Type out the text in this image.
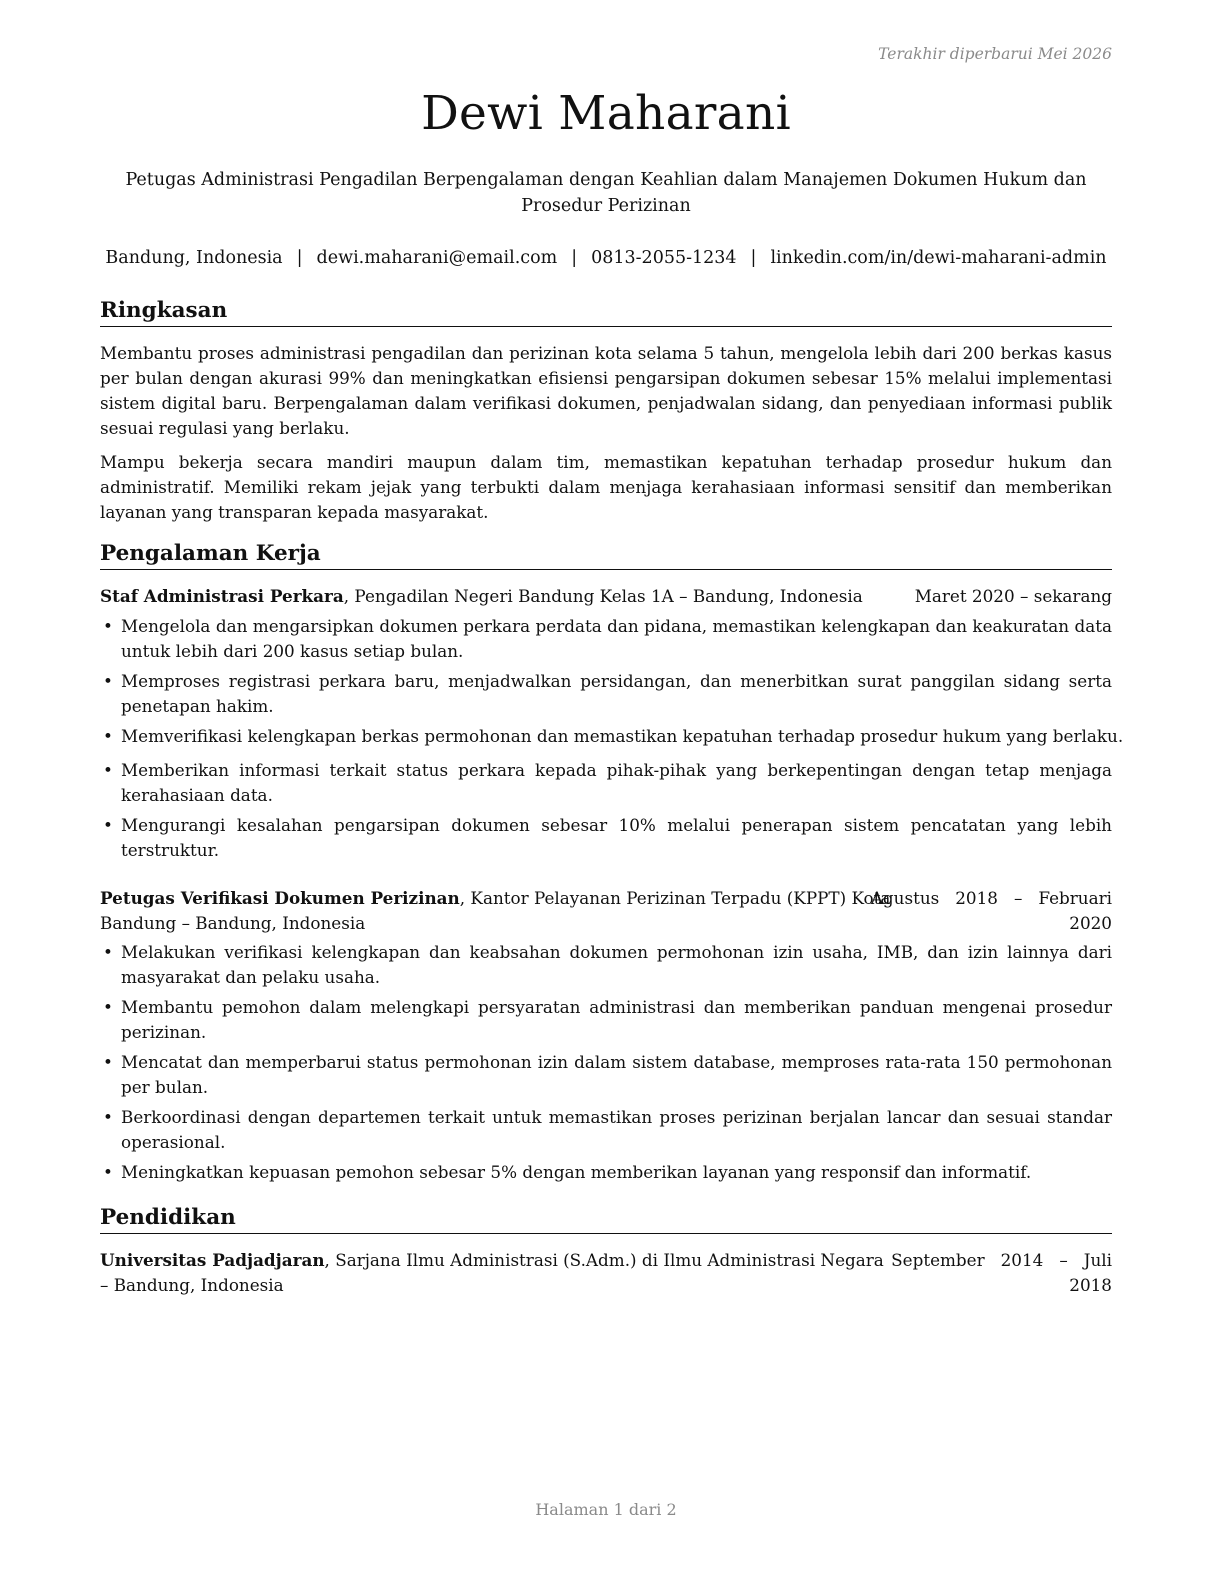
Terakhir diperbarui Mei 2026
Dewi Maharani
Petugas Administrasi Pengadilan Berpengalaman dengan Keahlian dalam Manajemen Dokumen Hukum dan Prosedur Perizinan
Bandung, Indonesia | dewi.maharani@email.com | 0813-2055-1234 | linkedin.com/in/dewi-maharani-admin
Ringkasan

Membantu proses administrasi pengadilan dan perizinan kota selama 5 tahun, mengelola lebih dari 200 berkas kasus per bulan dengan akurasi 99% dan meningkatkan efisiensi pengarsipan dokumen sebesar 15% melalui implementasi sistem digital baru. Berpengalaman dalam verifikasi dokumen, penjadwalan sidang, dan penyediaan informasi publik sesuai regulasi yang berlaku.

Mampu bekerja secara mandiri maupun dalam tim, memastikan kepatuhan terhadap prosedur hukum dan administratif. Memiliki rekam jejak yang terbukti dalam menjaga kerahasiaan informasi sensitif dan memberikan layanan yang transparan kepada masyarakat.

Pengalaman Kerja
Staf Administrasi Perkara, Pengadilan Negeri Bandung Kelas 1A – Bandung, Indonesia	Maret 2020 – sekarang
• Mengelola dan mengarsipkan dokumen perkara perdata dan pidana, memastikan kelengkapan dan keakuratan data untuk lebih dari 200 kasus setiap bulan.
• Memproses registrasi perkara baru, menjadwalkan persidangan, dan menerbitkan surat panggilan sidang serta penetapan hakim.
• Memverifikasi kelengkapan berkas permohonan dan memastikan kepatuhan terhadap prosedur hukum yang berlaku.
• Memberikan informasi terkait status perkara kepada pihak-pihak yang berkepentingan dengan tetap menjaga kerahasiaan data.
• Mengurangi kesalahan pengarsipan dokumen sebesar 10% melalui penerapan sistem pencatatan yang lebih terstruktur.
Petugas Verifikasi Dokumen Perizinan, Kantor Pelayanan Perizinan Terpadu (KPPT) Kota
Bandung – Bandung, Indonesia
Agustus   2018   –   Februari
2020
• Melakukan verifikasi kelengkapan dan keabsahan dokumen permohonan izin usaha, IMB, dan izin lainnya dari masyarakat dan pelaku usaha.
• Membantu pemohon dalam melengkapi persyaratan administrasi dan memberikan panduan mengenai prosedur perizinan.
• Mencatat dan memperbarui status permohonan izin dalam sistem database, memproses rata-rata 150 permohonan per bulan.
• Berkoordinasi dengan departemen terkait untuk memastikan proses perizinan berjalan lancar dan sesuai standar operasional.
• Meningkatkan kepuasan pemohon sebesar 5% dengan memberikan layanan yang responsif dan informatif.
Pendidikan
Universitas Padjadjaran, Sarjana Ilmu Administrasi (S.Adm.) di Ilmu Administrasi Negara
– Bandung, Indonesia
September   2014   –   Juli
2018
Halaman 1 dari 2
